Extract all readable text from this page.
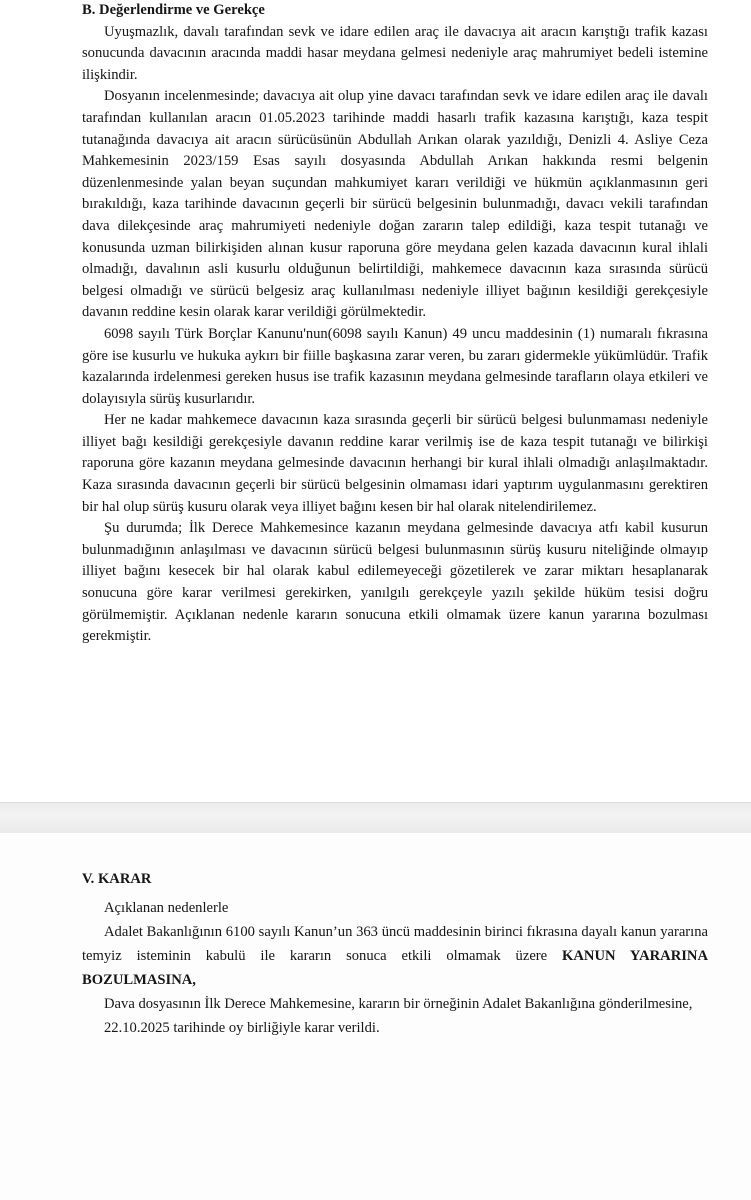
B. Değerlendirme ve Gerekçe

Uyuşmazlık, davalı tarafından sevk ve idare edilen araç ile davacıya ait aracın karıştığı trafik kazası sonucunda davacının aracında maddi hasar meydana gelmesi nedeniyle araç mahrumiyet bedeli istemine ilişkindir.

Dosyanın incelenmesinde; davacıya ait olup yine davacı tarafından sevk ve idare edilen araç ile davalı tarafından kullanılan aracın 01.05.2023 tarihinde maddi hasarlı trafik kazasına karıştığı, kaza tespit tutanağında davacıya ait aracın sürücüsünün Abdullah Arıkan olarak yazıldığı, Denizli 4. Asliye Ceza Mahkemesinin 2023/159 Esas sayılı dosyasında Abdullah Arıkan hakkında resmi belgenin düzenlenmesinde yalan beyan suçundan mahkumiyet kararı verildiği ve hükmün açıklanmasının geri bırakıldığı, kaza tarihinde davacının geçerli bir sürücü belgesinin bulunmadığı, davacı vekili tarafından dava dilekçesinde araç mahrumiyeti nedeniyle doğan zararın talep edildiği, kaza tespit tutanağı ve konusunda uzman bilirkişiden alınan kusur raporuna göre meydana gelen kazada davacının kural ihlali olmadığı, davalının asli kusurlu olduğunun belirtildiği, mahkemece davacının kaza sırasında sürücü belgesi olmadığı ve sürücü belgesiz araç kullanılması nedeniyle illiyet bağının kesildiği gerekçesiyle davanın reddine kesin olarak karar verildiği görülmektedir.

6098 sayılı Türk Borçlar Kanunu'nun(6098 sayılı Kanun) 49 uncu maddesinin (1) numaralı fıkrasına göre ise kusurlu ve hukuka aykırı bir fiille başkasına zarar veren, bu zararı gidermekle yükümlüdür. Trafik kazalarında irdelenmesi gereken husus ise trafik kazasının meydana gelmesinde tarafların olaya etkileri ve dolayısıyla sürüş kusurlarıdır.

Her ne kadar mahkemece davacının kaza sırasında geçerli bir sürücü belgesi bulunmaması nedeniyle illiyet bağı kesildiği gerekçesiyle davanın reddine karar verilmiş ise de kaza tespit tutanağı ve bilirkişi raporuna göre kazanın meydana gelmesinde davacının herhangi bir kural ihlali olmadığı anlaşılmaktadır. Kaza sırasında davacının geçerli bir sürücü belgesinin olmaması idari yaptırım uygulanmasını gerektiren bir hal olup sürüş kusuru olarak veya illiyet bağını kesen bir hal olarak nitelendirilemez.

Şu durumda; İlk Derece Mahkemesince kazanın meydana gelmesinde davacıya atfı kabil kusurun bulunmadığının anlaşılması ve davacının sürücü belgesi bulunmasının sürüş kusuru niteliğinde olmayıp illiyet bağını kesecek bir hal olarak kabul edilemeyeceği gözetilerek ve zarar miktarı hesaplanarak sonucuna göre karar verilmesi gerekirken, yanılgılı gerekçeyle yazılı şekilde hüküm tesisi doğru görülmemiştir. Açıklanan nedenle kararın sonucuna etkili olmamak üzere kanun yararına bozulması gerekmiştir.

V. KARAR

Açıklanan nedenlerle

Adalet Bakanlığının 6100 sayılı Kanun’un 363 üncü maddesinin birinci fıkrasına dayalı kanun yararına temyiz isteminin kabulü ile kararın sonuca etkili olmamak üzere KANUN YARARINA BOZULMASINA,

Dava dosyasının İlk Derece Mahkemesine, kararın bir örneğinin Adalet Bakanlığına gönderilmesine,

22.10.2025 tarihinde oy birliğiyle karar verildi.
